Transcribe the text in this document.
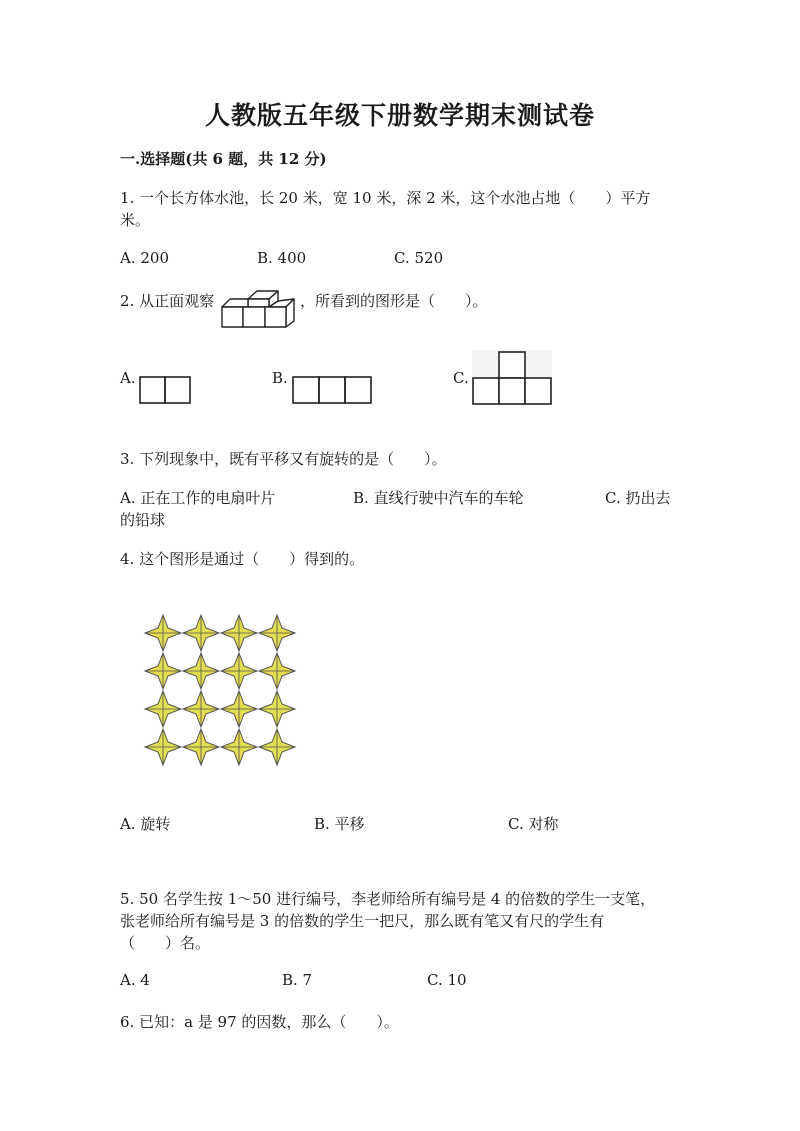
人教版五年级下册数学期末测试卷
一.选择题(共 6 题，共 12 分)
1. 一个长方体水池，长 20 米，宽 10 米，深 2 米，这个水池占地（　　）平方
米。
A. 200	B. 400	C. 520
2. 从正面观察	，所看到的图形是（　　）。
A.	B.	C.
3. 下列现象中，既有平移又有旋转的是（　　）。
A. 正在工作的电扇叶片	B. 直线行驶中汽车的车轮	C. 扔出去
的铅球
4. 这个图形是通过（　　）得到的。
A. 旋转	B. 平移	C. 对称
5. 50 名学生按 1～50 进行编号，李老师给所有编号是 4 的倍数的学生一支笔，
张老师给所有编号是 3 的倍数的学生一把尺，那么既有笔又有尺的学生有
（　　）名。
A. 4	B. 7	C. 10
6. 已知：a 是 97 的因数，那么（　　）。
